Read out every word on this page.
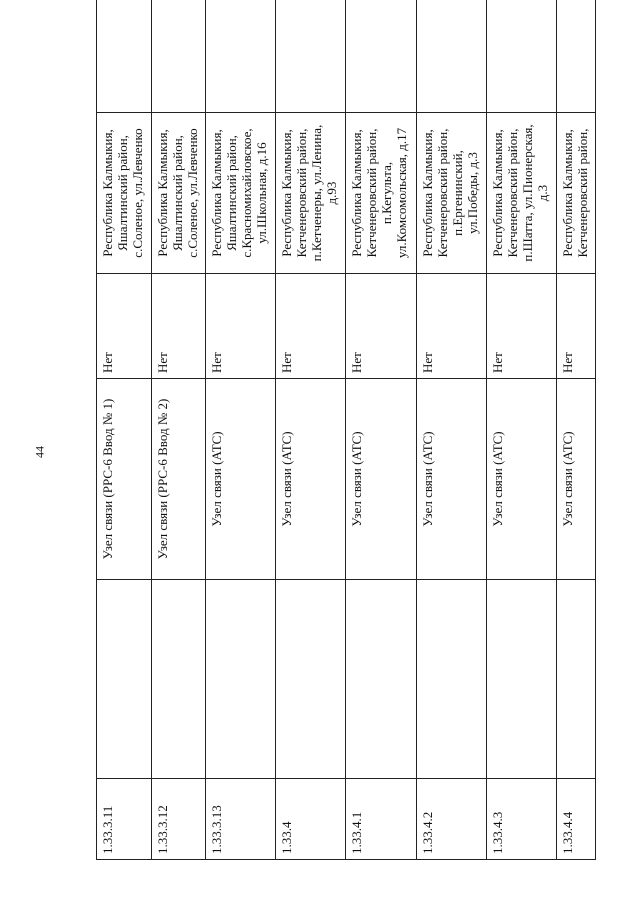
44
1.33.3.11		Узел связи (РРС-6 Ввод № 1)	Нет	Республика Калмыкия, Яшалтинский район, с.Соленое, ул.Левченко	
1.33.3.12		Узел связи (РРС-6 Ввод № 2)	Нет	Республика Калмыкия, Яшалтинский район, с.Соленое, ул.Левченко	
1.33.3.13		Узел связи (АТС)	Нет	Республика Калмыкия, Яшалтинский район, с.Красномихайловское, ул.Школьная, д.16	
1.33.4		Узел связи (АТС)	Нет	Республика Калмыкия, Кетченеровский район, п.Кетченеры, ул.Ленина, д.93	
1.33.4.1		Узел связи (АТС)	Нет	Республика Калмыкия, Кетченеровский район, п.Кегульта, ул.Комсомольская, д.17	
1.33.4.2		Узел связи (АТС)	Нет	Республика Калмыкия, Кетченеровский район, п.Ергенинский, ул.Победы, д.3	
1.33.4.3		Узел связи (АТС)	Нет	Республика Калмыкия, Кетченеровский район, п.Шатта, ул.Пионерская, д.3	
1.33.4.4		Узел связи (АТС)	Нет	Республика Калмыкия, Кетченеровский район,	
